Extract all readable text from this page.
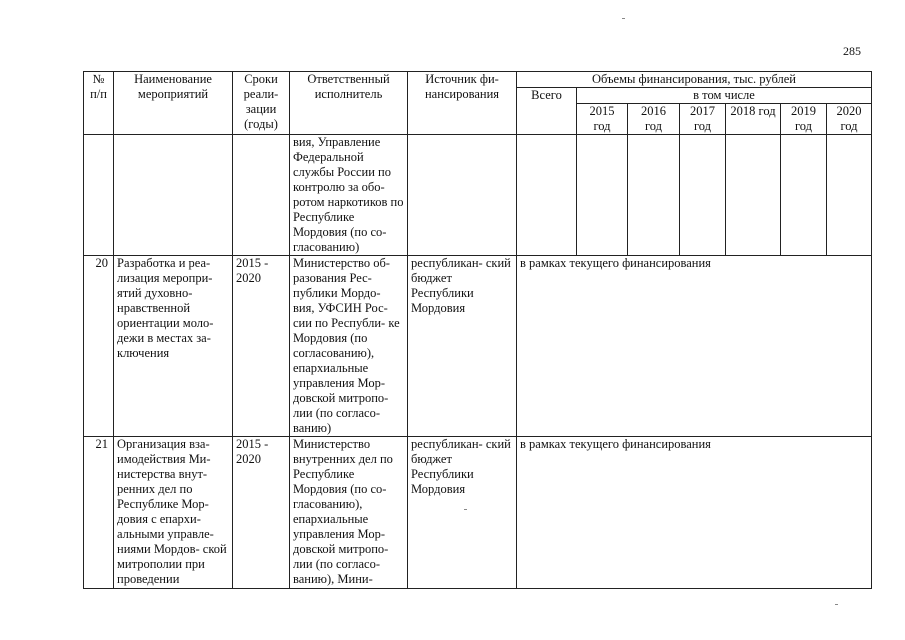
285
№ п/п	Наименование мероприятий	Сроки реали- зации (годы)	Ответственный исполнитель	Источник фи- нансирования	Объемы финансирования, тыс. рублей						
					Всего	в том числе					
						2015 год	2016 год	2017 год	2018 год	2019 год	2020 год
			вия, Управление Федеральной службы России по контролю за обо- ротом наркотиков по Республике Мордовия (по со- гласованию)								
20	Разработка и реа- лизация меропри- ятий духовно- нравственной ориентации моло- дежи в местах за- ключения	2015 - 2020	Министерство об- разования Рес- публики Мордо- вия, УФСИН Рос- сии по Республи- ке Мордовия (по согласованию), епархиальные управления Мор- довской митропо- лии (по согласо- ванию)	республикан- ский бюджет Республики Мордовия	в рамках текущего финансирования						
21	Организация вза- имодействия Ми- нистерства внут- ренних дел по Республике Мор- довия с епархи- альными управле- ниями Мордов- ской митрополии при проведении	2015 - 2020	Министерство внутренних дел по Республике Мордовия (по со- гласованию), епархиальные управления Мор- довской митропо- лии (по согласо- ванию), Мини-	республикан- ский бюджет Республики Мордовия	в рамках текущего финансирования						
